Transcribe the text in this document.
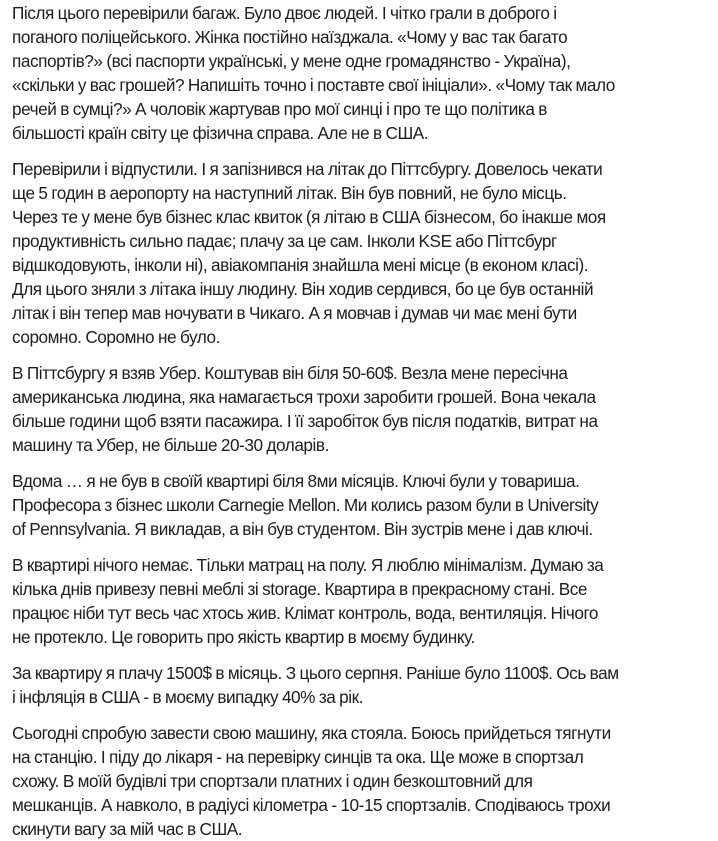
Після цього перевірили багаж. Було двоє людей. І чітко грали в доброго і
поганого поліцейського. Жінка постійно наїзджала. «Чому у вас так багато
паспортів?» (всі паспорти українські, у мене одне громадянство - Україна),
«скільки у вас грошей? Напишіть точно і поставте свої ініціали». «Чому так мало
речей в сумці?» А чоловік жартував про мої синці і про те що політика в
більшості країн світу це фізична справа. Але не в США.

Перевірили і відпустили. І я запізнився на літак до Піттсбургу. Довелось чекати
ще 5 годин в аеропорту на наступний літак. Він був повний, не було місць.
Через те у мене був бізнес клас квиток (я літаю в США бізнесом, бо інакше моя
продуктивність сильно падає; плачу за це сам. Інколи KSE або Піттсбург
відшкодовують, інколи ні), авіакомпанія знайшла мені місце (в економ класі).
Для цього зняли з літака іншу людину. Він ходив сердився, бо це був останній
літак і він тепер мав ночувати в Чикаго. А я мовчав і думав чи має мені бути
соромно. Соромно не було.

В Піттсбургу я взяв Убер. Коштував він біля 50-60$. Везла мене пересічна
американська людина, яка намагається трохи заробити грошей. Вона чекала
більше години щоб взяти пасажира. І її заробіток був після податків, витрат на
машину та Убер, не більше 20-30 доларів.

Вдома … я не був в своїй квартирі біля 8ми місяців. Ключі були у товариша.
Професора з бізнес школи Carnegie Mellon. Ми колись разом були в University
of Pennsylvania. Я викладав, а він був студентом. Він зустрів мене і дав ключі.

В квартирі нічого немає. Тільки матрац на полу. Я люблю мінімалізм. Думаю за
кілька днів привезу певні меблі зі storage. Квартира в прекрасному стані. Все
працює ніби тут весь час хтось жив. Клімат контроль, вода, вентиляція. Нічого
не протекло. Це говорить про якість квартир в моєму будинку.

За квартиру я плачу 1500$ в місяць. З цього серпня. Раніше було 1100$. Ось вам
і інфляція в США - в моєму випадку 40% за рік.

Сьогодні спробую завести свою машину, яка стояла. Боюсь прийдеться тягнути
на станцію. І піду до лікаря - на перевірку синців та ока. Ще може в спортзал
схожу. В моїй будівлі три спортзали платних і один безкоштовний для
мешканців. А навколо, в радіусі кілометра - 10-15 спортзалів. Сподіваюсь трохи
скинути вагу за мій час в США.
